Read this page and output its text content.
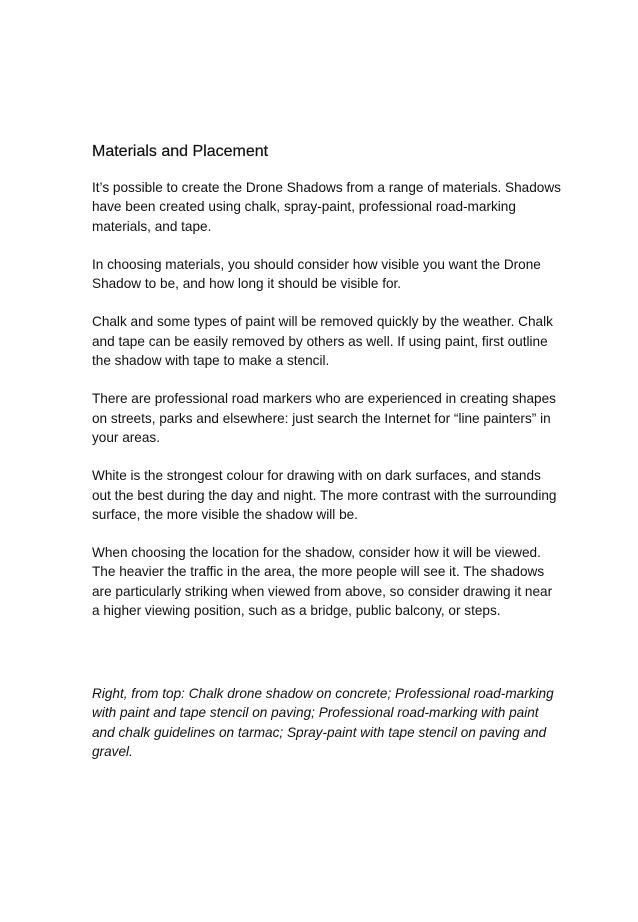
Materials and Placement

It’s possible to create the Drone Shadows from a range of materials. Shadows have been created using chalk, spray-paint, professional road-marking materials, and tape.

In choosing materials, you should consider how visible you want the Drone Shadow to be, and how long it should be visible for.

Chalk and some types of paint will be removed quickly by the weather. Chalk and tape can be easily removed by others as well. If using paint, first outline the shadow with tape to make a stencil.

There are professional road markers who are experienced in creating shapes on streets, parks and elsewhere: just search the Internet for “line painters” in your areas.

White is the strongest colour for drawing with on dark surfaces, and stands out the best during the day and night. The more contrast with the surrounding surface, the more visible the shadow will be.

When choosing the location for the shadow, consider how it will be viewed. The heavier the traffic in the area, the more people will see it. The shadows are particularly striking when viewed from above, so consider drawing it near a higher viewing position, such as a bridge, public balcony, or steps.

Right, from top: Chalk drone shadow on concrete; Professional road-marking with paint and tape stencil on paving; Professional road-marking with paint and chalk guidelines on tarmac; Spray-paint with tape stencil on paving and gravel.
